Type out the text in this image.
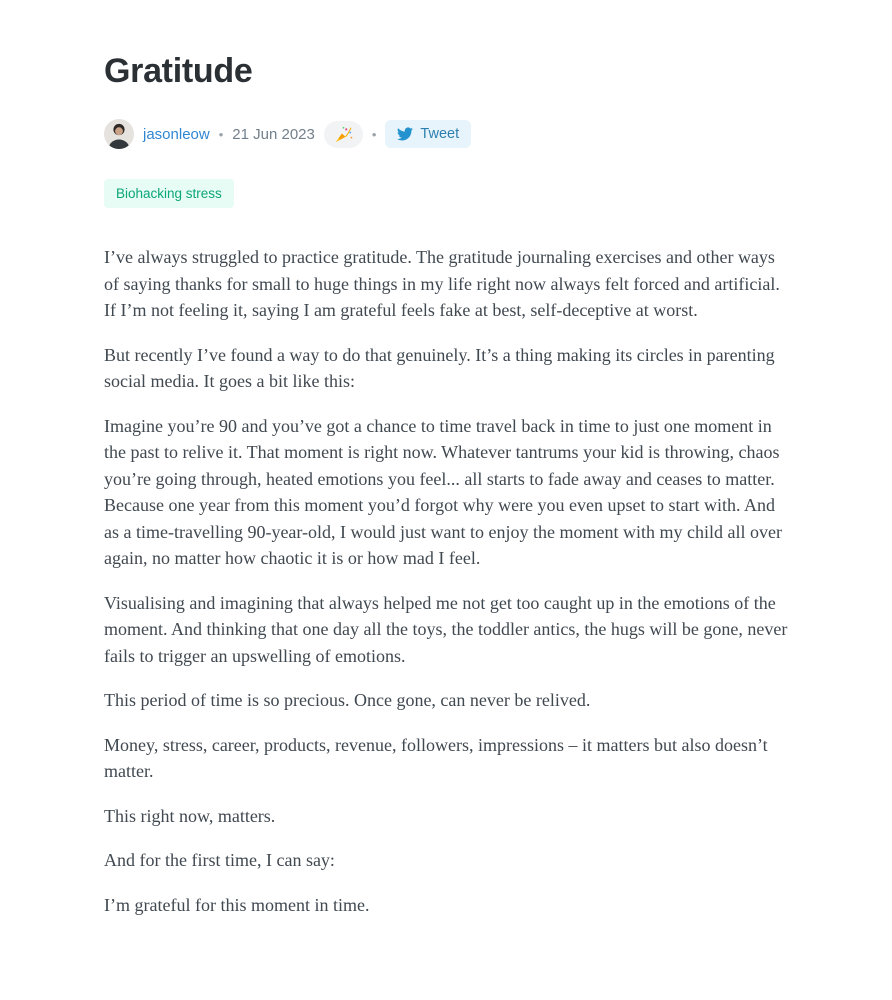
Gratitude
jasonleow • 21 Jun 2023	•	Tweet
Biohacking stress

I’ve always struggled to practice gratitude. The gratitude journaling exercises and other ways of saying thanks for small to huge things in my life right now always felt forced and artificial. If I’m not feeling it, saying I am grateful feels fake at best, self-deceptive at worst.

But recently I’ve found a way to do that genuinely. It’s a thing making its circles in parenting social media. It goes a bit like this:

Imagine you’re 90 and you’ve got a chance to time travel back in time to just one moment in the past to relive it. That moment is right now. Whatever tantrums your kid is throwing, chaos you’re going through, heated emotions you feel... all starts to fade away and ceases to matter. Because one year from this moment you’d forgot why were you even upset to start with. And as a time-travelling 90-year-old, I would just want to enjoy the moment with my child all over again, no matter how chaotic it is or how mad I feel.

Visualising and imagining that always helped me not get too caught up in the emotions of the moment. And thinking that one day all the toys, the toddler antics, the hugs will be gone, never fails to trigger an upswelling of emotions.

This period of time is so precious. Once gone, can never be relived.

Money, stress, career, products, revenue, followers, impressions – it matters but also doesn’t matter.

This right now, matters.

And for the first time, I can say:

I’m grateful for this moment in time.
